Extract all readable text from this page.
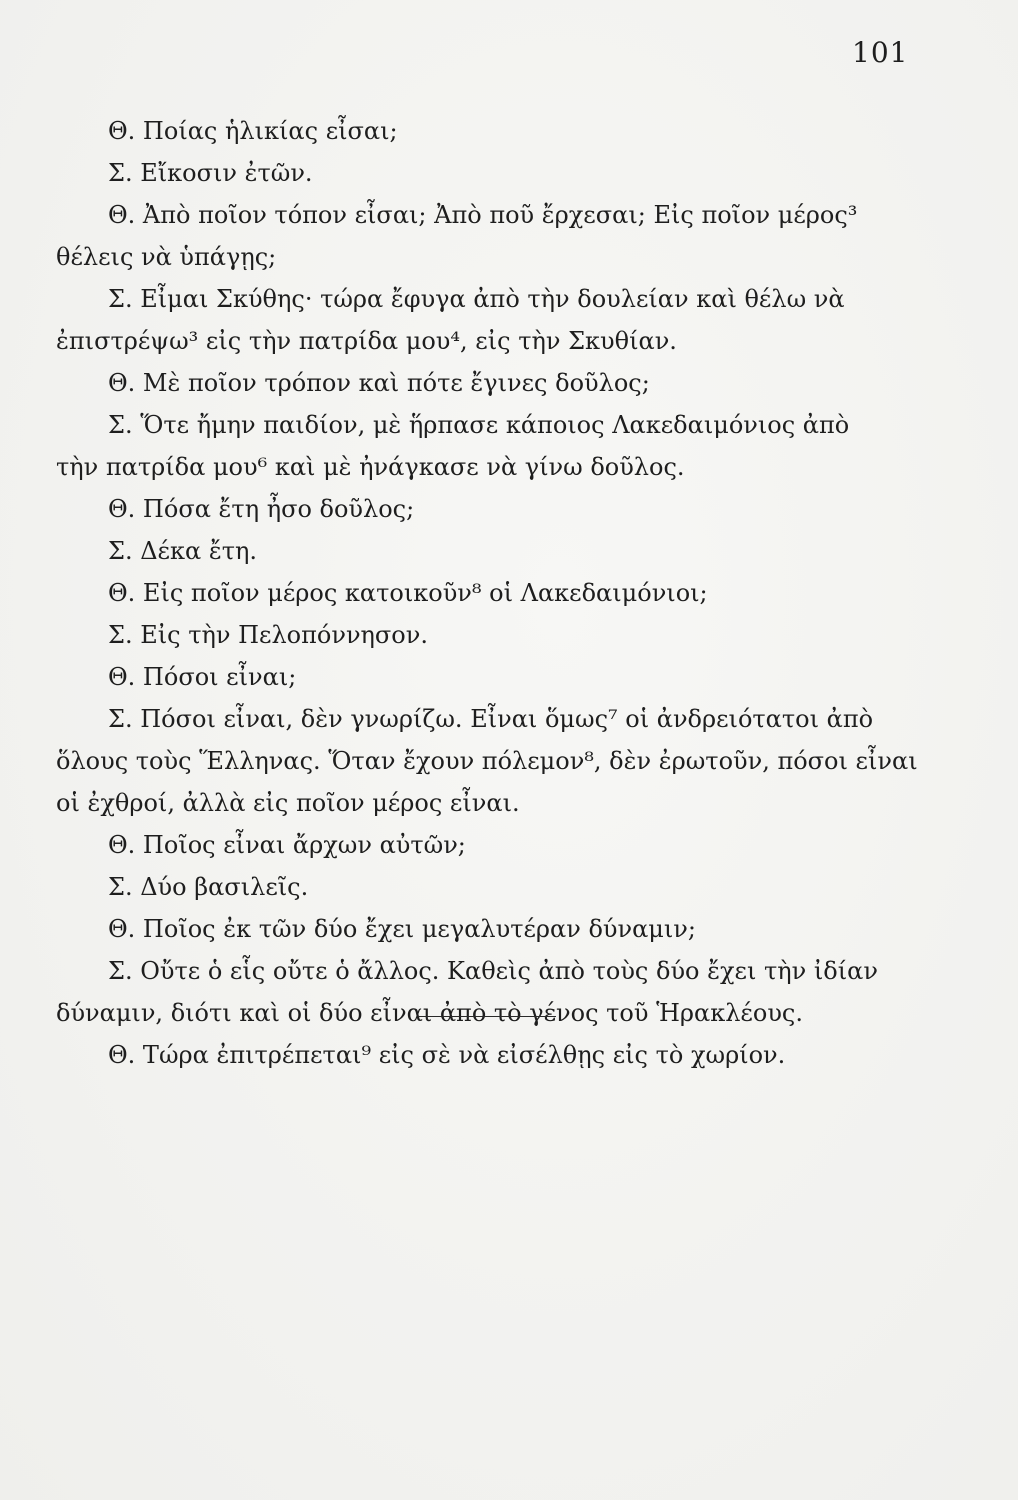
101
Θ. Ποίας ἡλικίας εἶσαι;
Σ. Εἴκοσιν ἐτῶν.
Θ. Ἀπὸ ποῖον τόπον εἶσαι; Ἀπὸ ποῦ ἔρχεσαι; Εἰς ποῖον μέρος³
θέλεις νὰ ὑπάγῃς;
Σ. Εἶμαι Σκύθης· τώρα ἔφυγα ἀπὸ τὴν δουλείαν καὶ θέλω νὰ
ἐπιστρέψω³ εἰς τὴν πατρίδα μου⁴, εἰς τὴν Σκυθίαν.
Θ. Μὲ ποῖον τρόπον καὶ πότε ἔγινες δοῦλος;
Σ. Ὅτε ἤμην παιδίον, μὲ ἥρπασε κάποιος Λακεδαιμόνιος ἀπὸ
τὴν πατρίδα μου⁶ καὶ μὲ ἠνάγκασε νὰ γίνω δοῦλος.
Θ. Πόσα ἔτη ἦσο δοῦλος;
Σ. Δέκα ἔτη.
Θ. Εἰς ποῖον μέρος κατοικοῦν⁸ οἱ Λακεδαιμόνιοι;
Σ. Εἰς τὴν Πελοπόννησον.
Θ. Πόσοι εἶναι;
Σ. Πόσοι εἶναι, δὲν γνωρίζω. Εἶναι ὅμως⁷ οἱ ἀνδρειότατοι ἀπὸ
ὅλους τοὺς Ἕλληνας. Ὅταν ἔχουν πόλεμον⁸, δὲν ἐρωτοῦν, πόσοι εἶναι
οἱ ἐχθροί, ἀλλὰ εἰς ποῖον μέρος εἶναι.
Θ. Ποῖος εἶναι ἄρχων αὐτῶν;
Σ. Δύο βασιλεῖς.
Θ. Ποῖος ἐκ τῶν δύο ἔχει μεγαλυτέραν δύναμιν;
Σ. Οὔτε ὁ εἷς οὔτε ὁ ἄλλος. Καθεὶς ἀπὸ τοὺς δύο ἔχει τὴν ἰδίαν
δύναμιν, διότι καὶ οἱ δύο εἶναι ἀπὸ τὸ γένος τοῦ Ἡρακλέους.
Θ. Τώρα ἐπιτρέπεται⁹ εἰς σὲ νὰ εἰσέλθῃς εἰς τὸ χωρίον.
